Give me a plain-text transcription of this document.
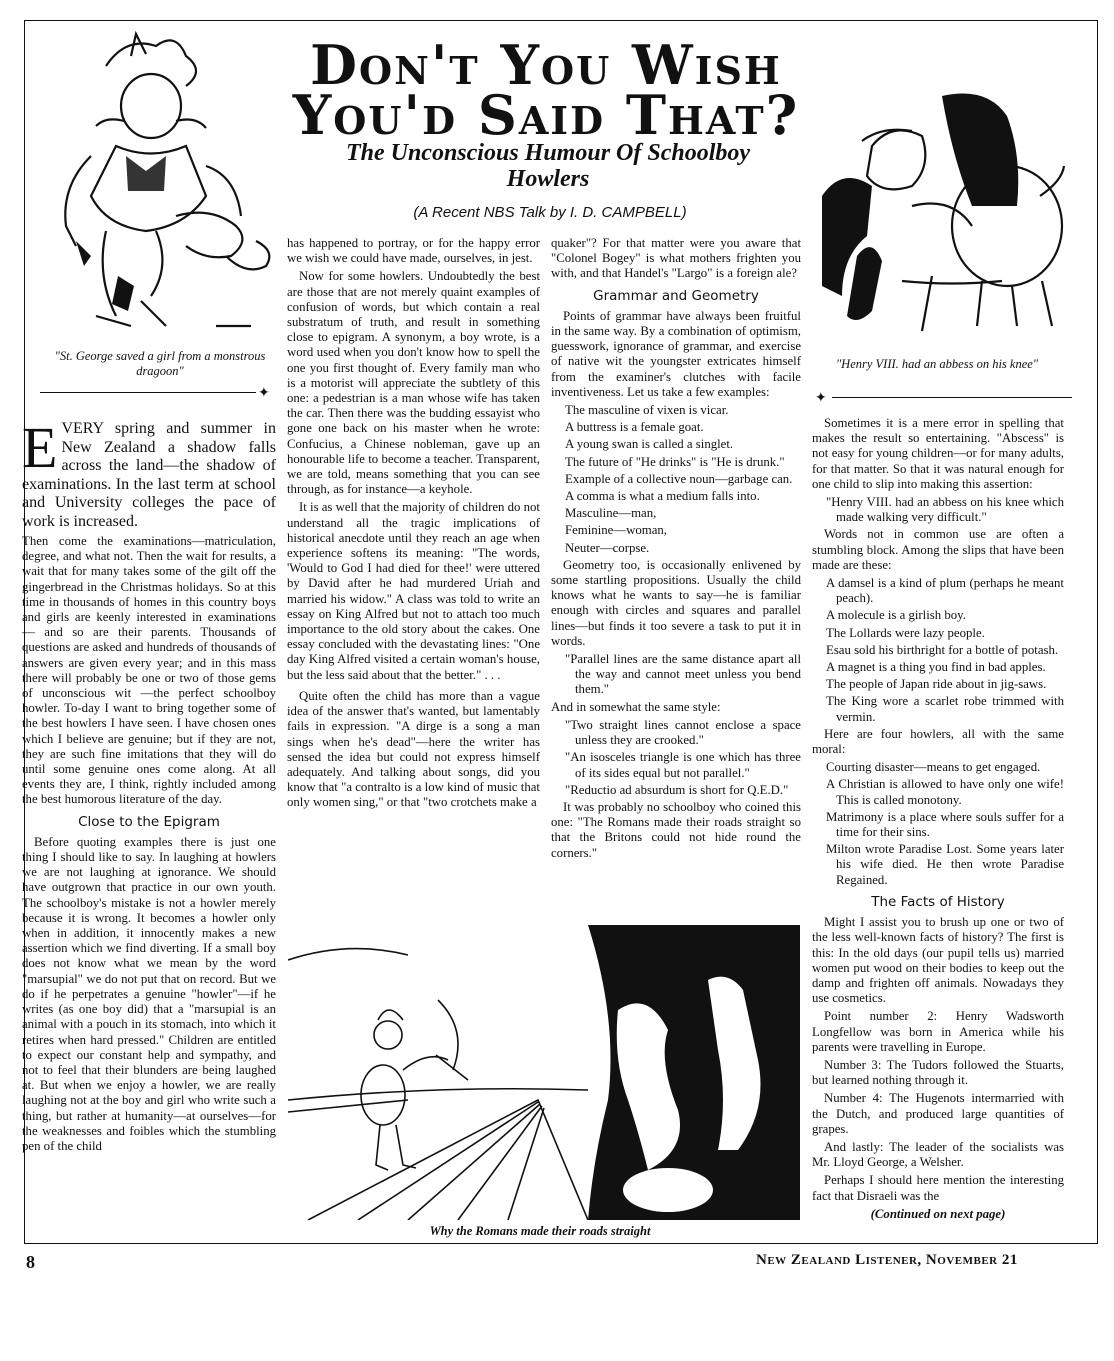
"St. George saved a girl from a monstrous dragoon"
✦
"Henry VIII. had an abbess on his knee"
✦
Don't You Wish
You'd Said That?
The Unconscious Humour Of Schoolboy Howlers
(A Recent NBS Talk by I. D. CAMPBELL)

EVERY spring and summer in New Zealand a shadow falls across the land—the shadow of examinations. In the last term at school and University colleges the pace of work is increased.

Then come the examinations—matriculation, degree, and what not. Then the wait for results, a wait that for many takes some of the gilt off the gingerbread in the Christmas holidays. So at this time in thousands of homes in this country boys and girls are keenly interested in examinations — and so are their parents. Thousands of questions are asked and hundreds of thousands of answers are given every year; and in this mass there will probably be one or two of those gems of unconscious wit —the perfect schoolboy howler. To-day I want to bring together some of the best howlers I have seen. I have chosen ones which I believe are genuine; but if they are not, they are such fine imitations that they will do until some genuine ones come along. At all events they are, I think, rightly included among the best humorous literature of the day.

Close to the Epigram

Before quoting examples there is just one thing I should like to say. In laughing at howlers we are not laughing at ignorance. We should have outgrown that practice in our own youth. The schoolboy's mistake is not a howler merely because it is wrong. It becomes a howler only when in addition, it innocently makes a new assertion which we find diverting. If a small boy does not know what we mean by the word "marsupial" we do not put that on record. But we do if he perpetrates a genuine "howler"—if he writes (as one boy did) that a "marsupial is an animal with a pouch in its stomach, into which it retires when hard pressed." Children are entitled to expect our constant help and sympathy, and not to feel that their blunders are being laughed at. But when we enjoy a howler, we are really laughing not at the boy and girl who write such a thing, but rather at humanity—at ourselves—for the weaknesses and foibles which the stumbling pen of the child

has happened to portray, or for the happy error we wish we could have made, ourselves, in jest.

Now for some howlers. Undoubtedly the best are those that are not merely quaint examples of confusion of words, but which contain a real substratum of truth, and result in something close to epigram. A synonym, a boy wrote, is a word used when you don't know how to spell the one you first thought of. Every family man who is a motorist will appreciate the subtlety of this one: a pedestrian is a man whose wife has taken the car. Then there was the budding essayist who gone one back on his master when he wrote: Confucius, a Chinese nobleman, gave up an honourable life to become a teacher. Transparent, we are told, means something that you can see through, as for instance—a keyhole.

It is as well that the majority of children do not understand all the tragic implications of historical anecdote until they reach an age when experience softens its meaning: "The words, 'Would to God I had died for thee!' were uttered by David after he had murdered Uriah and married his widow." A class was told to write an essay on King Alfred but not to attach too much importance to the old story about the cakes. One essay concluded with the devastating lines: "One day King Alfred visited a certain woman's house, but the less said about that the better." . . .

Quite often the child has more than a vague idea of the answer that's wanted, but lamentably fails in expression. "A dirge is a song a man sings when he's dead"—here the writer has sensed the idea but could not express himself adequately. And talking about songs, did you know that "a contralto is a low kind of music that only women sing," or that "two crotchets make a

quaker"? For that matter were you aware that "Colonel Bogey" is what mothers frighten you with, and that Handel's "Largo" is a foreign ale?

Grammar and Geometry

Points of grammar have always been fruitful in the same way. By a combination of optimism, guesswork, ignorance of grammar, and exercise of native wit the youngster extricates himself from the examiner's clutches with facile inventiveness. Let us take a few examples:

The masculine of vixen is vicar.

A buttress is a female goat.

A young swan is called a singlet.

The future of "He drinks" is "He is drunk."

Example of a collective noun—garbage can.

A comma is what a medium falls into.

Masculine—man,

Feminine—woman,

Neuter—corpse.

Geometry too, is occasionally enlivened by some startling propositions. Usually the child knows what he wants to say—he is familiar enough with circles and squares and parallel lines—but finds it too severe a task to put it in words.

"Parallel lines are the same distance apart all the way and cannot meet unless you bend them."

And in somewhat the same style:

"Two straight lines cannot enclose a space unless they are crooked."

"An isosceles triangle is one which has three of its sides equal but not parallel."

"Reductio ad absurdum is short for Q.E.D."

It was probably no schoolboy who coined this one: "The Romans made their roads straight so that the Britons could not hide round the corners."

Sometimes it is a mere error in spelling that makes the result so entertaining. "Abscess" is not easy for young children—or for many adults, for that matter. So that it was natural enough for one child to slip into making this assertion:

"Henry VIII. had an abbess on his knee which made walking very difficult."

Words not in common use are often a stumbling block. Among the slips that have been made are these:

A damsel is a kind of plum (perhaps he meant peach).

A molecule is a girlish boy.

The Lollards were lazy people.

Esau sold his birthright for a bottle of potash.

A magnet is a thing you find in bad apples.

The people of Japan ride about in jig-saws.

The King wore a scarlet robe trimmed with vermin.

Here are four howlers, all with the same moral:

Courting disaster—means to get engaged.

A Christian is allowed to have only one wife! This is called monotony.

Matrimony is a place where souls suffer for a time for their sins.

Milton wrote Paradise Lost. Some years later his wife died. He then wrote Paradise Regained.

The Facts of History

Might I assist you to brush up one or two of the less well-known facts of history? The first is this: In the old days (our pupil tells us) married women put wood on their bodies to keep out the damp and frighten off animals. Nowadays they use cosmetics.

Point number 2: Henry Wadsworth Longfellow was born in America while his parents were travelling in Europe.

Number 3: The Tudors followed the Stuarts, but learned nothing through it.

Number 4: The Hugenots intermarried with the Dutch, and produced large quantities of grapes.

And lastly: The leader of the socialists was Mr. Lloyd George, a Welsher.

Perhaps I should here mention the interesting fact that Disraeli was the

(Continued on next page)

Why the Romans made their roads straight
8	New Zealand Listener, November 21
